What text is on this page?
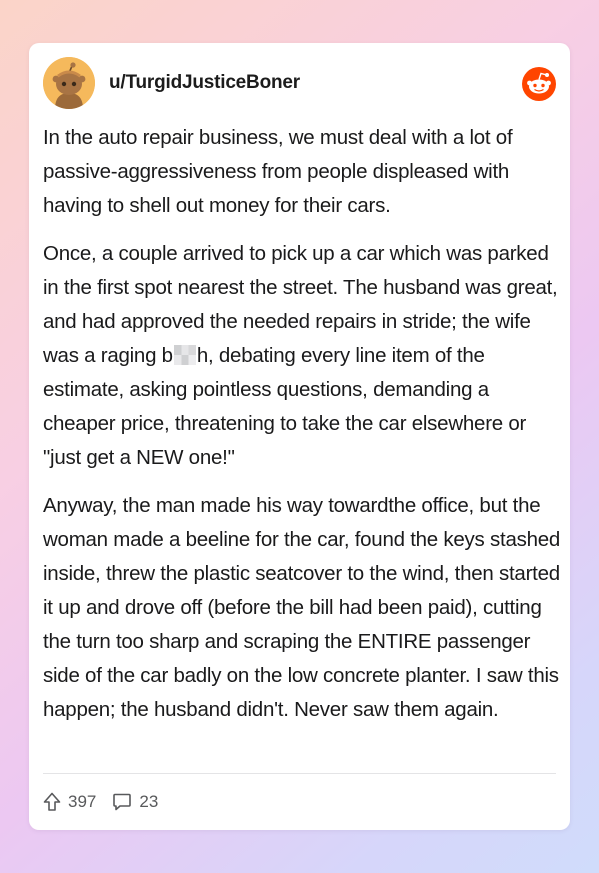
u/TurgidJusticeBoner

In the auto repair business, we must deal with a lot of passive-aggressiveness from people displeased with having to shell out money for their cars.

Once, a couple arrived to pick up a car which was parked in the first spot nearest the street. The husband was great, and had approved the needed repairs in stride; the wife was a raging b h, debating every line item of the estimate, asking pointless questions, demanding a cheaper price, threatening to take the car elsewhere or "just get a NEW one!"

Anyway, the man made his way towardthe office, but the woman made a beeline for the car, found the keys stashed inside, threw the plastic seatcover to the wind, then started it up and drove off (before the bill had been paid), cutting the turn too sharp and scraping the ENTIRE passenger side of the car badly on the low concrete planter. I saw this happen; the husband didn't. Never saw them again.

397	23
